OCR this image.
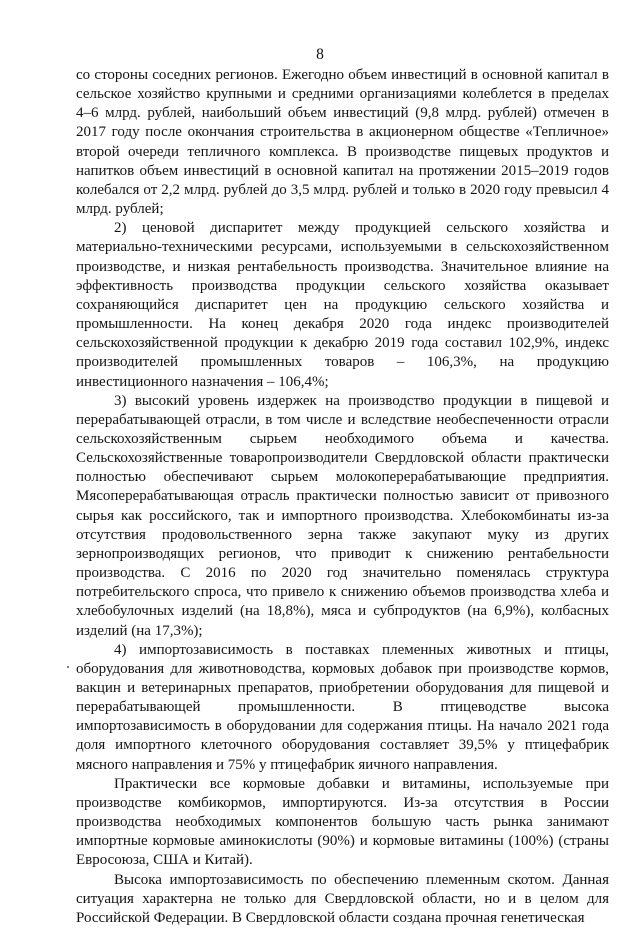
8

со стороны соседних регионов. Ежегодно объем инвестиций в основной капитал в сельское хозяйство крупными и средними организациями колеблется в пределах 4–6 млрд. рублей, наибольший объем инвестиций (9,8 млрд. рублей) отмечен в 2017 году после окончания строительства в акционерном обществе «Тепличное» второй очереди тепличного комплекса. В производстве пищевых продуктов и напитков объем инвестиций в основной капитал на протяжении 2015–2019 годов колебался от 2,2 млрд. рублей до 3,5 млрд. рублей и только в 2020 году превысил 4 млрд. рублей;

2) ценовой диспаритет между продукцией сельского хозяйства и материально-техническими ресурсами, используемыми в сельскохозяйственном производстве, и низкая рентабельность производства. Значительное влияние на эффективность производства продукции сельского хозяйства оказывает сохраняющийся диспаритет цен на продукцию сельского хозяйства и промышленности. На конец декабря 2020 года индекс производителей сельскохозяйственной продукции к декабрю 2019 года составил 102,9%, индекс производителей промышленных товаров – 106,3%, на продукцию инвестиционного назначения – 106,4%;

3) высокий уровень издержек на производство продукции в пищевой и перерабатывающей отрасли, в том числе и вследствие необеспеченности отрасли сельскохозяйственным сырьем необходимого объема и качества. Сельскохозяйственные товаропроизводители Свердловской области практически полностью обеспечивают сырьем молокоперерабатывающие предприятия. Мясоперерабатывающая отрасль практически полностью зависит от привозного сырья как российского, так и импортного производства. Хлебокомбинаты из-за отсутствия продовольственного зерна также закупают муку из других зернопроизводящих регионов, что приводит к снижению рентабельности производства. С 2016 по 2020 год значительно поменялась структура потребительского спроса, что привело к снижению объемов производства хлеба и хлебобулочных изделий (на 18,8%), мяса и субпродуктов (на 6,9%), колбасных изделий (на 17,3%);

4) импортозависимость в поставках племенных животных и птицы, оборудования для животноводства, кормовых добавок при производстве кормов, вакцин и ветеринарных препаратов, приобретении оборудования для пищевой и перерабатывающей промышленности. В птицеводстве высока импортозависимость в оборудовании для содержания птицы. На начало 2021 года доля импортного клеточного оборудования составляет 39,5% у птицефабрик мясного направления и 75% у птицефабрик яичного направления.

Практически все кормовые добавки и витамины, используемые при производстве комбикормов, импортируются. Из-за отсутствия в России производства необходимых компонентов большую часть рынка занимают импортные кормовые аминокислоты (90%) и кормовые витамины (100%) (страны Евросоюза, США и Китай).

Высока импортозависимость по обеспечению племенным скотом. Данная ситуация характерна не только для Свердловской области, но и в целом для Российской Федерации. В Свердловской области создана прочная генетическая
